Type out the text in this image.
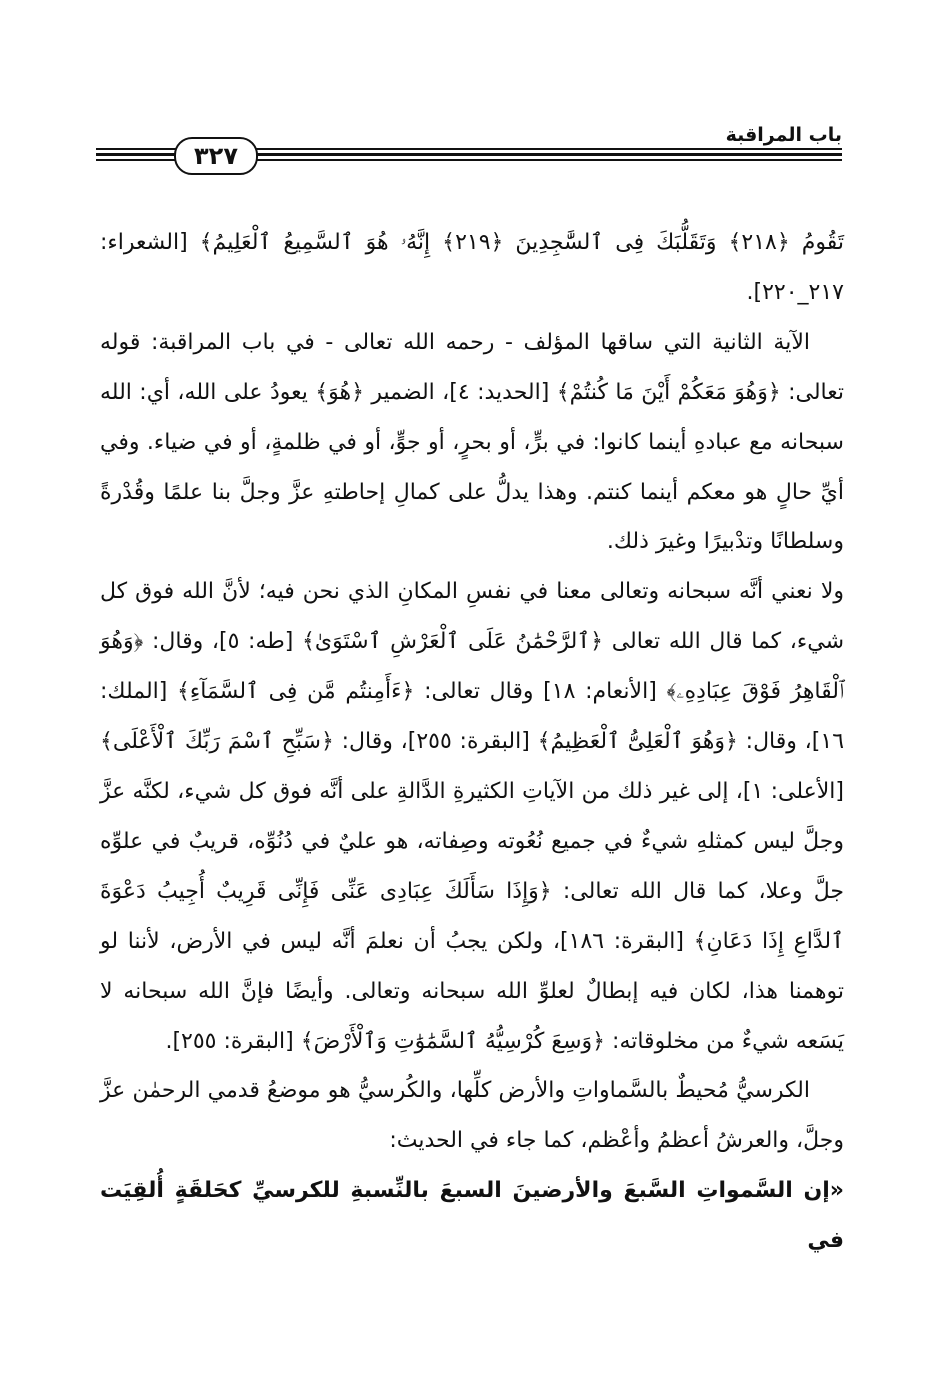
باب المراقبة
٣٢٧

تَقُومُ ﴿٢١٨﴾ وَتَقَلُّبَكَ فِى ٱلسَّٰجِدِينَ ﴿٢١٩﴾ إِنَّهُۥ هُوَ ٱلسَّمِيعُ ٱلْعَلِيمُ﴾ [الشعراء: ٢١٧_٢٢٠].

الآية الثانية التي ساقها المؤلف - رحمه الله تعالى - في باب المراقبة: قوله تعالى: ﴿وَهُوَ مَعَكُمْ أَيْنَ مَا كُنتُمْ﴾ [الحديد: ٤]، الضمير ﴿هُوَ﴾ يعودُ على الله، أي: الله سبحانه مع عبادهِ أينما كانوا: في برٍّ، أو بحرٍ، أو جوٍّ، أو في ظلمةٍ، أو في ضياء. وفي أيِّ حالٍ هو معكم أينما كنتم. وهذا يدلُّ على كمالِ إحاطتهِ عزَّ وجلَّ بنا علمًا وقُدْرةً وسلطانًا وتدْبيرًا وغيرَ ذلك.

ولا نعني أنَّه سبحانه وتعالى معنا في نفسِ المكانِ الذي نحن فيه؛ لأنَّ الله فوق كل شيء، كما قال الله تعالى ﴿ٱلرَّحْمَٰنُ عَلَى ٱلْعَرْشِ ٱسْتَوَىٰ﴾ [طه: ٥]، وقال: ﴿وَهُوَ ٱلْقَاهِرُ فَوْقَ عِبَادِهِۦ﴾ [الأنعام: ١٨] وقال تعالى: ﴿ءَأَمِنتُم مَّن فِى ٱلسَّمَآءِ﴾ [الملك: ١٦]، وقال: ﴿وَهُوَ ٱلْعَلِىُّ ٱلْعَظِيمُ﴾ [البقرة: ٢٥٥]، وقال: ﴿سَبِّحِ ٱسْمَ رَبِّكَ ٱلْأَعْلَى﴾ [الأعلى: ١]، إلى غير ذلك من الآياتِ الكثيرةِ الدَّالةِ على أنَّه فوق كل شيء، لكنَّه عزَّ وجلَّ ليس كمثلهِ شيءٌ في جميع نُعُوته وصِفاته، هو عليٌ في دُنُوِّه، قريبٌ في علوِّه جلَّ وعلا، كما قال الله تعالى: ﴿وَإِذَا سَأَلَكَ عِبَادِى عَنِّى فَإِنِّى قَرِيبٌ أُجِيبُ دَعْوَةَ ٱلدَّاعِ إِذَا دَعَانِ﴾ [البقرة: ١٨٦]، ولكن يجبُ أن نعلمَ أنَّه ليس في الأرض، لأننا لو توهمنا هذا، لكان فيه إبطالٌ لعلوِّ الله سبحانه وتعالى. وأيضًا فإنَّ الله سبحانه لا يَسَعه شيءٌ من مخلوقاته: ﴿وَسِعَ كُرْسِيُّهُ ٱلسَّمَٰوَٰتِ وَٱلْأَرْضَ﴾ [البقرة: ٢٥٥].

الكرسيُّ مُحيطٌ بالسَّماواتِ والأرض كلِّها، والكُرسيُّ هو موضعُ قدمي الرحمٰن عزَّ وجلَّ، والعرشُ أعظمُ وأعْظم، كما جاء في الحديث:

«إن السَّمواتِ السَّبعَ والأرضينَ السبعَ بالنِّسبةِ للكرسيِّ كحَلقَةٍ أُلقِيَت في
